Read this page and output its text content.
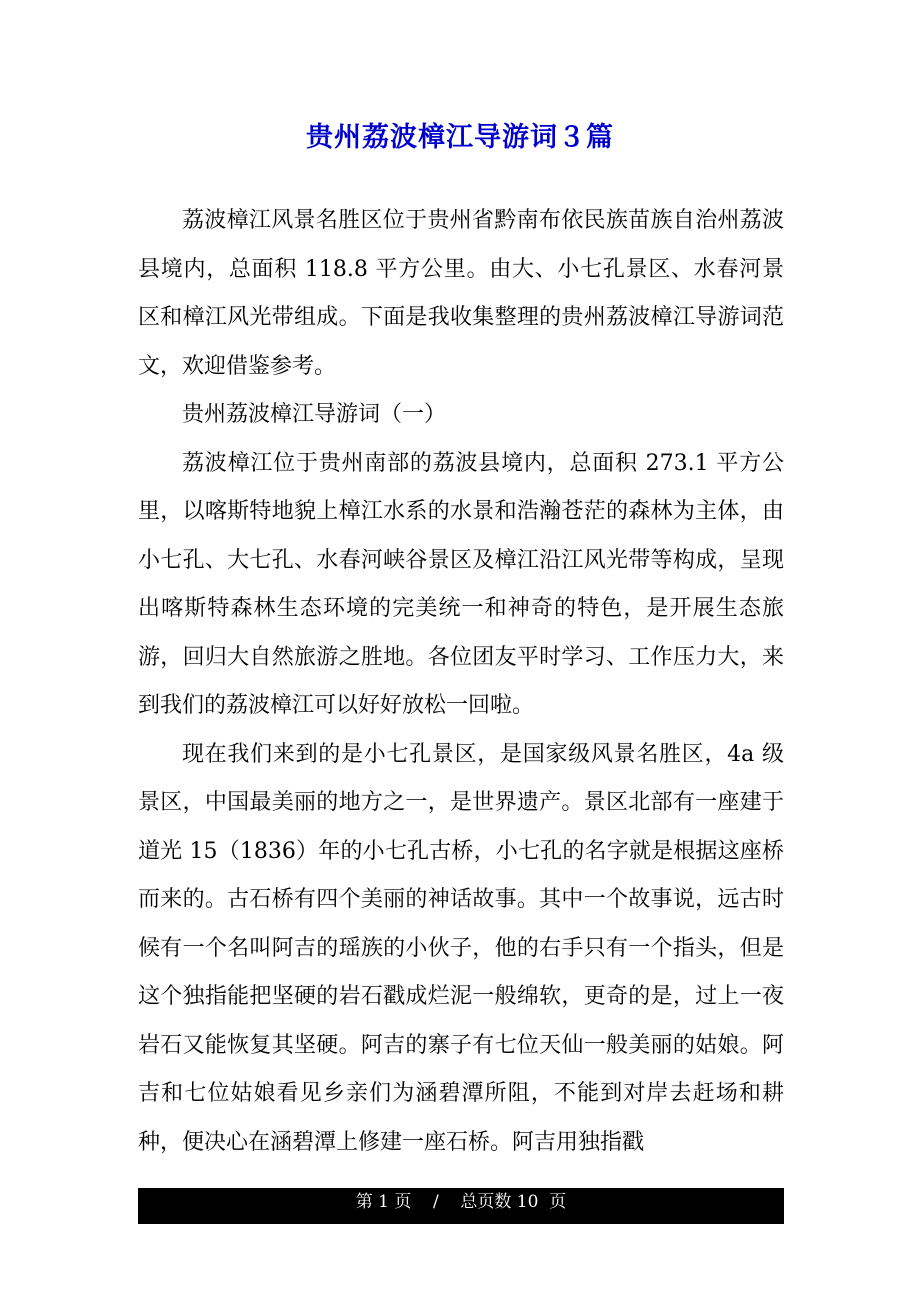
贵州荔波樟江导游词３篇

荔波樟江风景名胜区位于贵州省黔南布依民族苗族自治州荔波县境内，总面积 118.8 平方公里。由大、小七孔景区、水春河景区和樟江风光带组成。下面是我收集整理的贵州荔波樟江导游词范文，欢迎借鉴参考。

贵州荔波樟江导游词（一）

荔波樟江位于贵州南部的荔波县境内，总面积 273.1 平方公里，以喀斯特地貌上樟江水系的水景和浩瀚苍茫的森林为主体，由小七孔、大七孔、水春河峡谷景区及樟江沿江风光带等构成，呈现出喀斯特森林生态环境的完美统一和神奇的特色，是开展生态旅游，回归大自然旅游之胜地。各位团友平时学习、工作压力大，来到我们的荔波樟江可以好好放松一回啦。

现在我们来到的是小七孔景区，是国家级风景名胜区，4a 级景区，中国最美丽的地方之一，是世界遗产。景区北部有一座建于道光 15（1836）年的小七孔古桥，小七孔的名字就是根据这座桥而来的。古石桥有四个美丽的神话故事。其中一个故事说，远古时候有一个名叫阿吉的瑶族的小伙子，他的右手只有一个指头，但是这个独指能把坚硬的岩石戳成烂泥一般绵软，更奇的是，过上一夜岩石又能恢复其坚硬。阿吉的寨子有七位天仙一般美丽的姑娘。阿吉和七位姑娘看见乡亲们为涵碧潭所阻，不能到对岸去赶场和耕种，便决心在涵碧潭上修建一座石桥。阿吉用独指戳

第 1 页    /    总页数 10  页
